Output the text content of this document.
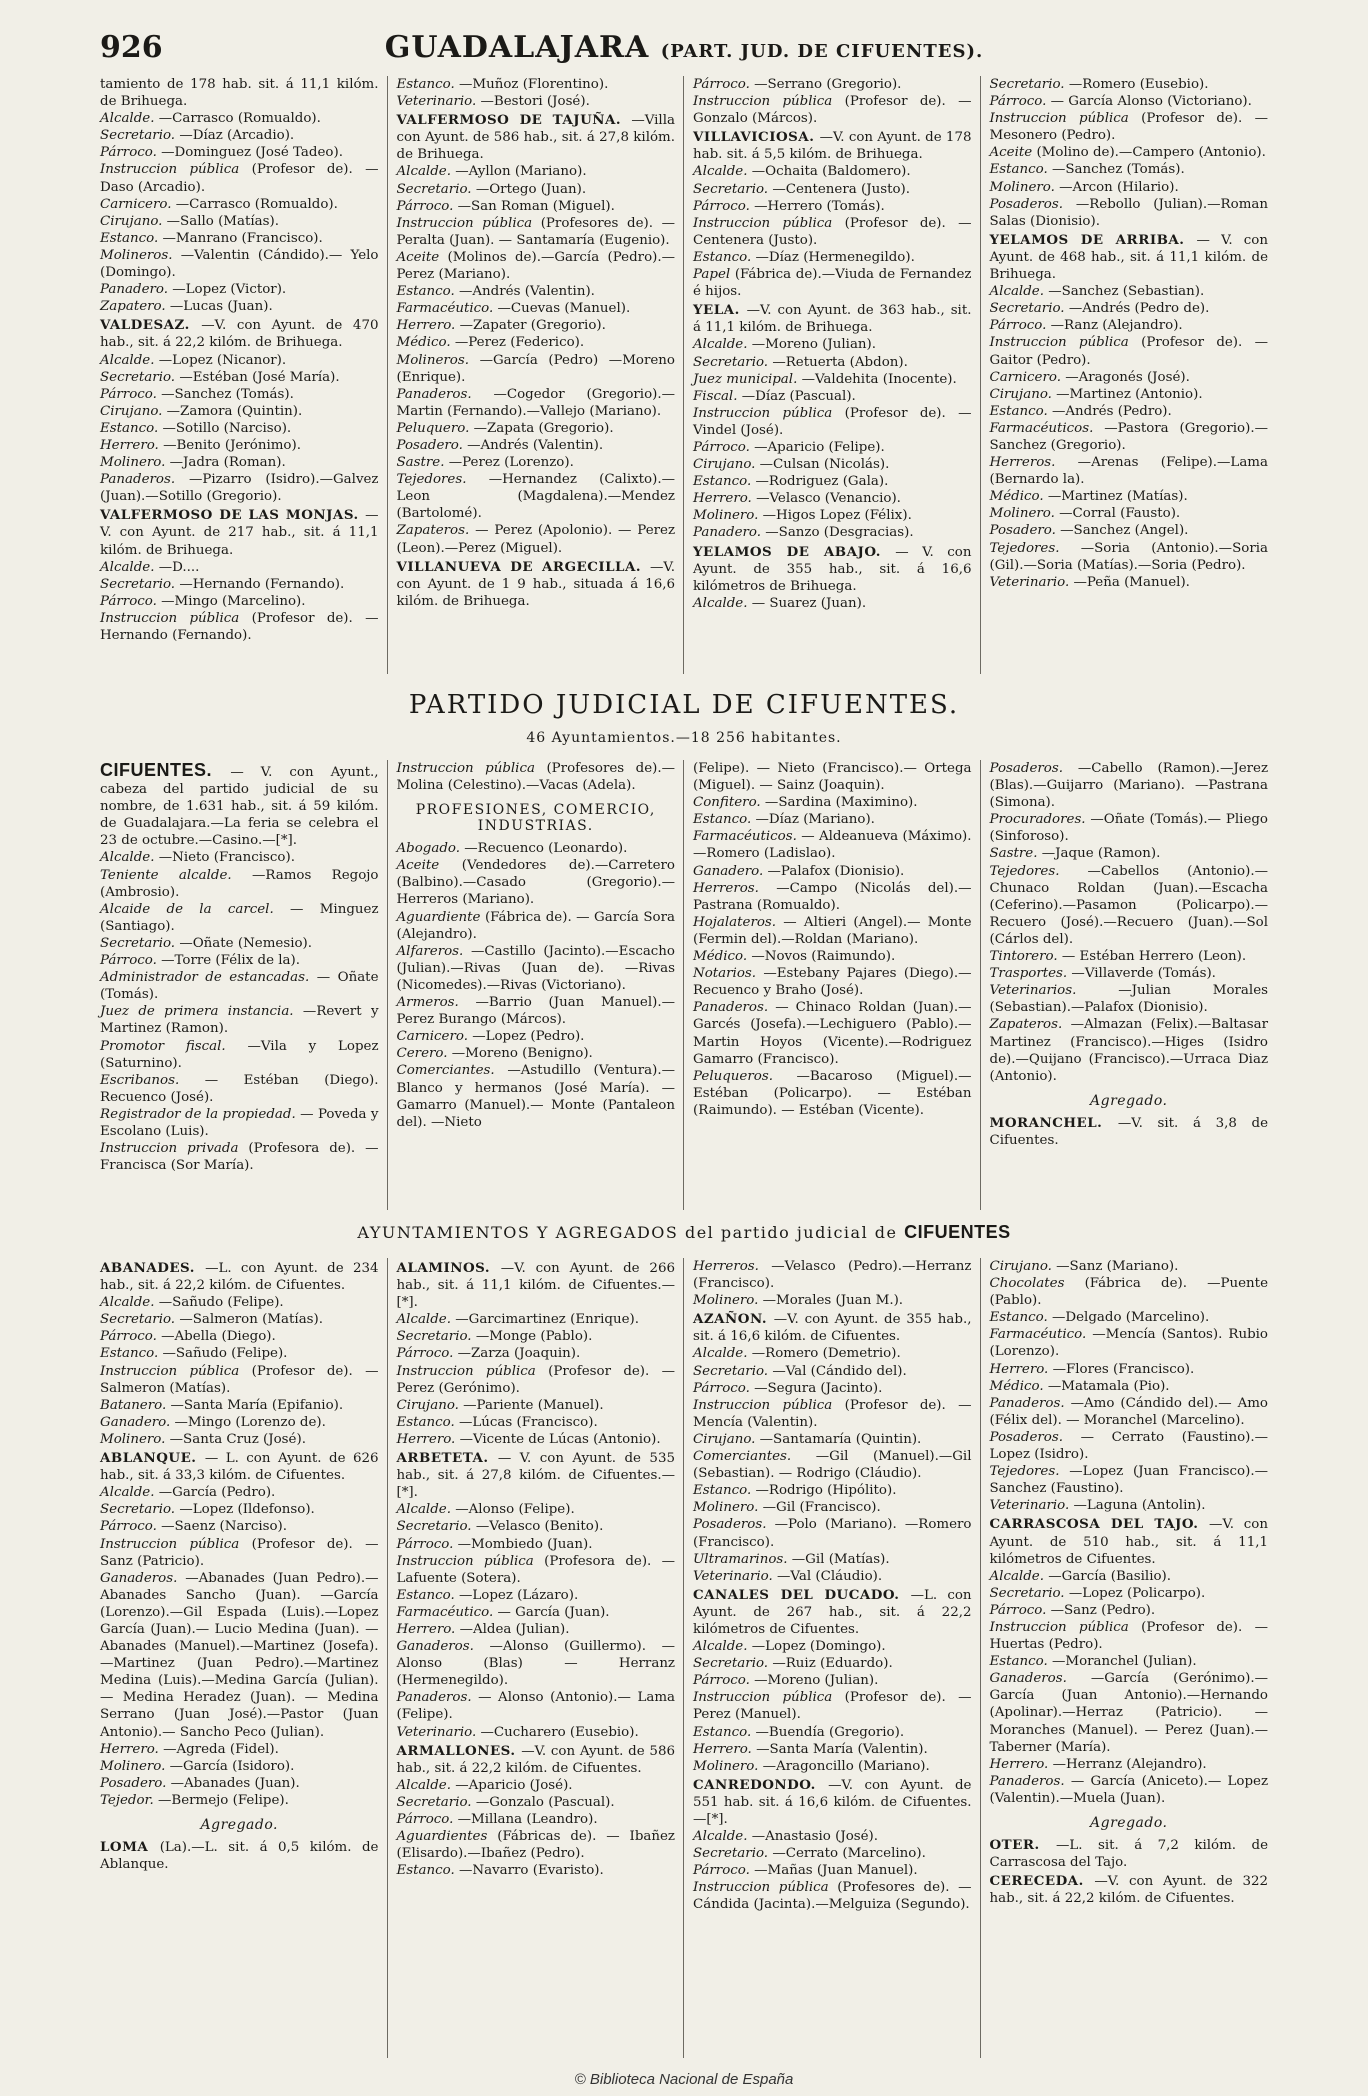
926	GUADALAJARA (PART. JUD. DE CIFUENTES).

tamiento de 178 hab. sit. á 11,1 kilóm. de Brihuega.

Alcalde. —Carrasco (Romualdo).

Secretario. —Díaz (Arcadio).

Párroco. —Dominguez (José Tadeo).

Instruccion pública (Profesor de). —Daso (Arcadio).

Carnicero. —Carrasco (Romualdo).

Cirujano. —Sallo (Matías).

Estanco. —Manrano (Francisco).

Molineros. —Valentin (Cándido).— Yelo (Domingo).

Panadero. —Lopez (Victor).

Zapatero. —Lucas (Juan).

VALDESAZ. —V. con Ayunt. de 470 hab., sit. á 22,2 kilóm. de Brihuega.

Alcalde. —Lopez (Nicanor).

Secretario. —Estéban (José María).

Párroco. —Sanchez (Tomás).

Cirujano. —Zamora (Quintin).

Estanco. —Sotillo (Narciso).

Herrero. —Benito (Jerónimo).

Molinero. —Jadra (Roman).

Panaderos. —Pizarro (Isidro).—Galvez (Juan).—Sotillo (Gregorio).

VALFERMOSO DE LAS MONJAS. —V. con Ayunt. de 217 hab., sit. á 11,1 kilóm. de Brihuega.

Alcalde. —D....

Secretario. —Hernando (Fernando).

Párroco. —Mingo (Marcelino).

Instruccion pública (Profesor de). —Hernando (Fernando).

Estanco. —Muñoz (Florentino).

Veterinario. —Bestori (José).

VALFERMOSO DE TAJUÑA. —Villa con Ayunt. de 586 hab., sit. á 27,8 kilóm. de Brihuega.

Alcalde. —Ayllon (Mariano).

Secretario. —Ortego (Juan).

Párroco. —San Roman (Miguel).

Instruccion pública (Profesores de). —Peralta (Juan). — Santamaría (Eugenio).

Aceite (Molinos de).—García (Pedro).—Perez (Mariano).

Estanco. —Andrés (Valentin).

Farmacéutico. —Cuevas (Manuel).

Herrero. —Zapater (Gregorio).

Médico. —Perez (Federico).

Molineros. —García (Pedro) —Moreno (Enrique).

Panaderos. —Cogedor (Gregorio).— Martin (Fernando).—Vallejo (Mariano).

Peluquero. —Zapata (Gregorio).

Posadero. —Andrés (Valentin).

Sastre. —Perez (Lorenzo).

Tejedores. —Hernandez (Calixto).— Leon (Magdalena).—Mendez (Bartolomé).

Zapateros. — Perez (Apolonio). — Perez (Leon).—Perez (Miguel).

VILLANUEVA DE ARGECILLA. —V. con Ayunt. de 1 9 hab., situada á 16,6 kilóm. de Brihuega.

Párroco. —Serrano (Gregorio).

Instruccion pública (Profesor de). —Gonzalo (Márcos).

VILLAVICIOSA. —V. con Ayunt. de 178 hab. sit. á 5,5 kilóm. de Brihuega.

Alcalde. —Ochaita (Baldomero).

Secretario. —Centenera (Justo).

Párroco. —Herrero (Tomás).

Instruccion pública (Profesor de). —Centenera (Justo).

Estanco. —Díaz (Hermenegildo).

Papel (Fábrica de).—Viuda de Fernandez é hijos.

YELA. —V. con Ayunt. de 363 hab., sit. á 11,1 kilóm. de Brihuega.

Alcalde. —Moreno (Julian).

Secretario. —Retuerta (Abdon).

Juez municipal. —Valdehita (Inocente).

Fiscal. —Díaz (Pascual).

Instruccion pública (Profesor de). —Vindel (José).

Párroco. —Aparicio (Felipe).

Cirujano. —Culsan (Nicolás).

Estanco. —Rodriguez (Gala).

Herrero. —Velasco (Venancio).

Molinero. —Higos Lopez (Félix).

Panadero. —Sanzo (Desgracias).

YELAMOS DE ABAJO. — V. con Ayunt. de 355 hab., sit. á 16,6 kilómetros de Brihuega.

Alcalde. — Suarez (Juan).

Secretario. —Romero (Eusebio).

Párroco. — García Alonso (Victoriano).

Instruccion pública (Profesor de). —Mesonero (Pedro).

Aceite (Molino de).—Campero (Antonio).

Estanco. —Sanchez (Tomás).

Molinero. —Arcon (Hilario).

Posaderos. —Rebollo (Julian).—Roman Salas (Dionisio).

YELAMOS DE ARRIBA. — V. con Ayunt. de 468 hab., sit. á 11,1 kilóm. de Brihuega.

Alcalde. —Sanchez (Sebastian).

Secretario. —Andrés (Pedro de).

Párroco. —Ranz (Alejandro).

Instruccion pública (Profesor de). —Gaitor (Pedro).

Carnicero. —Aragonés (José).

Cirujano. —Martinez (Antonio).

Estanco. —Andrés (Pedro).

Farmacéuticos. —Pastora (Gregorio).—Sanchez (Gregorio).

Herreros. —Arenas (Felipe).—Lama (Bernardo la).

Médico. —Martinez (Matías).

Molinero. —Corral (Fausto).

Posadero. —Sanchez (Angel).

Tejedores. —Soria (Antonio).—Soria (Gil).—Soria (Matías).—Soria (Pedro).

Veterinario. —Peña (Manuel).

PARTIDO JUDICIAL DE CIFUENTES.
46 Ayuntamientos.—18 256 habitantes.

CIFUENTES. — V. con Ayunt., cabeza del partido judicial de su nombre, de 1.631 hab., sit. á 59 kilóm. de Guadalajara.—La feria se celebra el 23 de octubre.—Casino.—[*].

Alcalde. —Nieto (Francisco).

Teniente alcalde. —Ramos Regojo (Ambrosio).

Alcaide de la carcel. — Minguez (Santiago).

Secretario. —Oñate (Nemesio).

Párroco. —Torre (Félix de la).

Administrador de estancadas. — Oñate (Tomás).

Juez de primera instancia. —Revert y Martinez (Ramon).

Promotor fiscal. —Vila y Lopez (Saturnino).

Escribanos. — Estéban (Diego). Recuenco (José).

Registrador de la propiedad. — Poveda y Escolano (Luis).

Instruccion privada (Profesora de). —Francisca (Sor María).

Instruccion pública (Profesores de).—Molina (Celestino).—Vacas (Adela).

PROFESIONES, COMERCIO, INDUSTRIAS.

Abogado. —Recuenco (Leonardo).

Aceite (Vendedores de).—Carretero (Balbino).—Casado (Gregorio).—Herreros (Mariano).

Aguardiente (Fábrica de). — García Sora (Alejandro).

Alfareros. —Castillo (Jacinto).—Escacho (Julian).—Rivas (Juan de). —Rivas (Nicomedes).—Rivas (Victoriano).

Armeros. —Barrio (Juan Manuel).— Perez Burango (Márcos).

Carnicero. —Lopez (Pedro).

Cerero. —Moreno (Benigno).

Comerciantes. —Astudillo (Ventura).—Blanco y hermanos (José María). — Gamarro (Manuel).— Monte (Pantaleon del). —Nieto

(Felipe). — Nieto (Francisco).— Ortega (Miguel). — Sainz (Joaquin).

Confitero. —Sardina (Maximino).

Estanco. —Díaz (Mariano).

Farmacéuticos. — Aldeanueva (Máximo).—Romero (Ladislao).

Ganadero. —Palafox (Dionisio).

Herreros. —Campo (Nicolás del).— Pastrana (Romualdo).

Hojalateros. — Altieri (Angel).— Monte (Fermin del).—Roldan (Mariano).

Médico. —Novos (Raimundo).

Notarios. —Estebany Pajares (Diego).—Recuenco y Braho (José).

Panaderos. — Chinaco Roldan (Juan).—Garcés (Josefa).—Lechiguero (Pablo).—Martin Hoyos (Vicente).—Rodriguez Gamarro (Francisco).

Peluqueros. —Bacaroso (Miguel).— Estéban (Policarpo). — Estéban (Raimundo). — Estéban (Vicente).

Posaderos. —Cabello (Ramon).—Jerez (Blas).—Guijarro (Mariano). —Pastrana (Simona).

Procuradores. —Oñate (Tomás).— Pliego (Sinforoso).

Sastre. —Jaque (Ramon).

Tejedores. —Cabellos (Antonio).— Chunaco Roldan (Juan).—Escacha (Ceferino).—Pasamon (Policarpo).—Recuero (José).—Recuero (Juan).—Sol (Cárlos del).

Tintorero. — Estéban Herrero (Leon).

Trasportes. —Villaverde (Tomás).

Veterinarios. —Julian Morales (Sebastian).—Palafox (Dionisio).

Zapateros. —Almazan (Felix).—Baltasar Martinez (Francisco).—Higes (Isidro de).—Quijano (Francisco).—Urraca Diaz (Antonio).

Agregado.

MORANCHEL. —V. sit. á 3,8 de Cifuentes.

AYUNTAMIENTOS Y AGREGADOS del partido judicial de CIFUENTES

ABANADES. —L. con Ayunt. de 234 hab., sit. á 22,2 kilóm. de Cifuentes.

Alcalde. —Sañudo (Felipe).

Secretario. —Salmeron (Matías).

Párroco. —Abella (Diego).

Estanco. —Sañudo (Felipe).

Instruccion pública (Profesor de). —Salmeron (Matías).

Batanero. —Santa María (Epifanio).

Ganadero. —Mingo (Lorenzo de).

Molinero. —Santa Cruz (José).

ABLANQUE. — L. con Ayunt. de 626 hab., sit. á 33,3 kilóm. de Cifuentes.

Alcalde. —García (Pedro).

Secretario. —Lopez (Ildefonso).

Párroco. —Saenz (Narciso).

Instruccion pública (Profesor de). —Sanz (Patricio).

Ganaderos. —Abanades (Juan Pedro).—Abanades Sancho (Juan). —García (Lorenzo).—Gil Espada (Luis).—Lopez García (Juan).— Lucio Medina (Juan). — Abanades (Manuel).—Martinez (Josefa). —Martinez (Juan Pedro).—Martinez Medina (Luis).—Medina García (Julian). — Medina Heradez (Juan). — Medina Serrano (Juan José).—Pastor (Juan Antonio).— Sancho Peco (Julian).

Herrero. —Agreda (Fidel).

Molinero. —García (Isidoro).

Posadero. —Abanades (Juan).

Tejedor. —Bermejo (Felipe).

Agregado.

LOMA (La).—L. sit. á 0,5 kilóm. de Ablanque.

ALAMINOS. —V. con Ayunt. de 266 hab., sit. á 11,1 kilóm. de Cifuentes.—[*].

Alcalde. —Garcimartinez (Enrique).

Secretario. —Monge (Pablo).

Párroco. —Zarza (Joaquin).

Instruccion pública (Profesor de). —Perez (Gerónimo).

Cirujano. —Pariente (Manuel).

Estanco. —Lúcas (Francisco).

Herrero. —Vicente de Lúcas (Antonio).

ARBETETA. — V. con Ayunt. de 535 hab., sit. á 27,8 kilóm. de Cifuentes.—[*].

Alcalde. —Alonso (Felipe).

Secretario. —Velasco (Benito).

Párroco. —Mombiedo (Juan).

Instruccion pública (Profesora de). —Lafuente (Sotera).

Estanco. —Lopez (Lázaro).

Farmacéutico. — García (Juan).

Herrero. —Aldea (Julian).

Ganaderos. —Alonso (Guillermo). —Alonso (Blas) — Herranz (Hermenegildo).

Panaderos. — Alonso (Antonio).— Lama (Felipe).

Veterinario. —Cucharero (Eusebio).

ARMALLONES. —V. con Ayunt. de 586 hab., sit. á 22,2 kilóm. de Cifuentes.

Alcalde. —Aparicio (José).

Secretario. —Gonzalo (Pascual).

Párroco. —Millana (Leandro).

Aguardientes (Fábricas de). — Ibañez (Elisardo).—Ibañez (Pedro).

Estanco. —Navarro (Evaristo).

Herreros. —Velasco (Pedro).—Herranz (Francisco).

Molinero. —Morales (Juan M.).

AZAÑON. —V. con Ayunt. de 355 hab., sit. á 16,6 kilóm. de Cifuentes.

Alcalde. —Romero (Demetrio).

Secretario. —Val (Cándido del).

Párroco. —Segura (Jacinto).

Instruccion pública (Profesor de). —Mencía (Valentin).

Cirujano. —Santamaría (Quintin).

Comerciantes. —Gil (Manuel).—Gil (Sebastian). — Rodrigo (Cláudio).

Estanco. —Rodrigo (Hipólito).

Molinero. —Gil (Francisco).

Posaderos. —Polo (Mariano). —Romero (Francisco).

Ultramarinos. —Gil (Matías).

Veterinario. —Val (Cláudio).

CANALES DEL DUCADO. —L. con Ayunt. de 267 hab., sit. á 22,2 kilómetros de Cifuentes.

Alcalde. —Lopez (Domingo).

Secretario. —Ruiz (Eduardo).

Párroco. —Moreno (Julian).

Instruccion pública (Profesor de). —Perez (Manuel).

Estanco. —Buendía (Gregorio).

Herrero. —Santa María (Valentin).

Molinero. —Aragoncillo (Mariano).

CANREDONDO. —V. con Ayunt. de 551 hab. sit. á 16,6 kilóm. de Cifuentes.—[*].

Alcalde. —Anastasio (José).

Secretario. —Cerrato (Marcelino).

Párroco. —Mañas (Juan Manuel).

Instruccion pública (Profesores de). —Cándida (Jacinta).—Melguiza (Segundo).

Cirujano. —Sanz (Mariano).

Chocolates (Fábrica de). —Puente (Pablo).

Estanco. —Delgado (Marcelino).

Farmacéutico. —Mencía (Santos). Rubio (Lorenzo).

Herrero. —Flores (Francisco).

Médico. —Matamala (Pio).

Panaderos. —Amo (Cándido del).— Amo (Félix del). — Moranchel (Marcelino).

Posaderos. — Cerrato (Faustino).— Lopez (Isidro).

Tejedores. —Lopez (Juan Francisco).—Sanchez (Faustino).

Veterinario. —Laguna (Antolin).

CARRASCOSA DEL TAJO. —V. con Ayunt. de 510 hab., sit. á 11,1 kilómetros de Cifuentes.

Alcalde. —García (Basilio).

Secretario. —Lopez (Policarpo).

Párroco. —Sanz (Pedro).

Instruccion pública (Profesor de). —Huertas (Pedro).

Estanco. —Moranchel (Julian).

Ganaderos. —García (Gerónimo).— García (Juan Antonio).—Hernando (Apolinar).—Herraz (Patricio). —Moranches (Manuel). — Perez (Juan).—Taberner (María).

Herrero. —Herranz (Alejandro).

Panaderos. — García (Aniceto).— Lopez (Valentin).—Muela (Juan).

Agregado.

OTER. —L. sit. á 7,2 kilóm. de Carrascosa del Tajo.

CERECEDA. —V. con Ayunt. de 322 hab., sit. á 22,2 kilóm. de Cifuentes.

© Biblioteca Nacional de España
